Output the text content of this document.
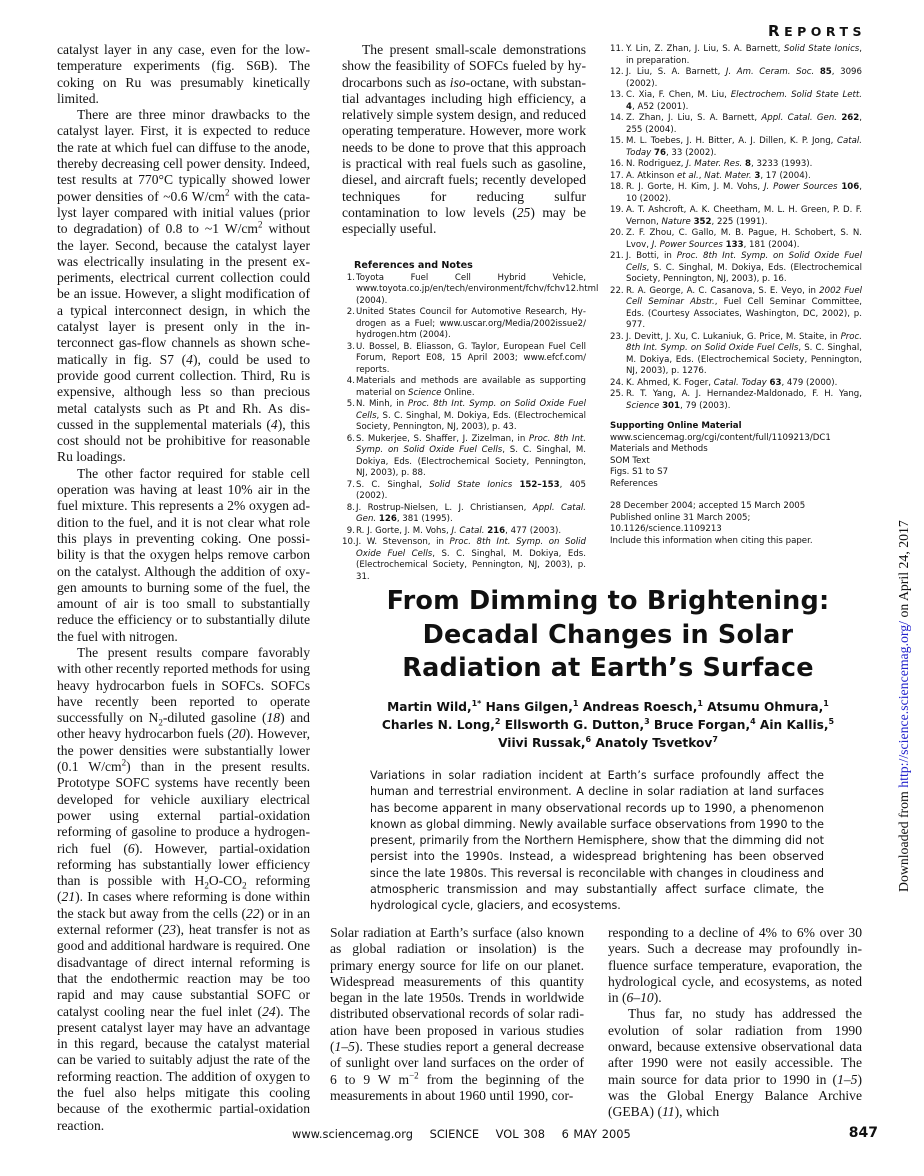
REPORTS

catalyst layer in any case, even for the low-temperature experiments (fig. S6B). The coking on Ru was presumably kinetically limited.

There are three minor drawbacks to the catalyst layer. First, it is expected to reduce the rate at which fuel can diffuse to the anode, thereby decreasing cell power density. Indeed, test results at 770°C typically showed lower power densities of ~0.6 $W/cm^2$ with the catalyst layer compared with initial values (prior to degradation) of 0.8 to ~1 $W/cm^2$ without the layer. Second, because the catalyst layer was electrically insulating in the present experiments, electrical current collection could be an issue. However, a slight modification of a typical interconnect design, in which the catalyst layer is present only in the interconnect gas-flow channels as shown schematically in fig. S7 (4), could be used to provide good current collection. Third, Ru is expensive, although less so than precious metal catalysts such as Pt and Rh. As discussed in the supplemental materials (4), this cost should not be prohibitive for reasonable Ru loadings.

The other factor required for stable cell operation was having at least 10% air in the fuel mixture. This represents a 2% oxygen addition to the fuel, and it is not clear what role this plays in preventing coking. One possibility is that the oxygen helps remove carbon on the catalyst. Although the addition of oxygen amounts to burning some of the fuel, the amount of air is too small to substantially reduce the efficiency or to substantially dilute the fuel with nitrogen.

The present results compare favorably with other recently reported methods for using heavy hydrocarbon fuels in SOFCs. SOFCs have recently been reported to operate successfully on $N_2$-diluted gasoline (18) and other heavy hydrocarbon fuels (20). However, the power densities were substantially lower (0.1 $W/cm^2$) than in the present results. Prototype SOFC systems have recently been developed for vehicle auxiliary electrical power using external partial-oxidation reforming of gasoline to produce a hydrogen-rich fuel (6). However, partial-oxidation reforming has substantially lower efficiency than is possible with $H_2O-CO_2$ reforming (21). In cases where reforming is done within the stack but away from the cells (22) or in an external reformer (23), heat transfer is not as good and additional hardware is required. One disadvantage of direct internal reforming is that the endothermic reaction may be too rapid and may cause substantial SOFC or catalyst cooling near the fuel inlet (24). The present catalyst layer may have an advantage in this regard, because the catalyst material can be varied to suitably adjust the rate of the reforming reaction. The addition of oxygen to the fuel also helps mitigate this cooling because of the exothermic partial-oxidation reaction.

The present small-scale demonstrations show the feasibility of SOFCs fueled by hydrocarbons such as iso-octane, with substantial advantages including high efficiency, a relatively simple system design, and reduced operating temperature. However, more work needs to be done to prove that this approach is practical with real fuels such as gasoline, diesel, and aircraft fuels; recently developed techniques for reducing sulfur contamination to low levels (25) may be especially useful.

References and Notes
1. Toyota Fuel Cell Hybrid Vehicle, www.toyota.co.jp/en/tech/environment/fchv/fchv12.html (2004).
2. United States Council for Automotive Research, Hydrogen as a Fuel; www.uscar.org/Media/2002issue2/ hydrogen.htm (2004).
3. U. Bossel, B. Eliasson, G. Taylor, European Fuel Cell Forum, Report E08, 15 April 2003; www.efcf.com/ reports.
4. Materials and methods are available as supporting material on Science Online.
5. N. Minh, in Proc. 8th Int. Symp. on Solid Oxide Fuel Cells, S. C. Singhal, M. Dokiya, Eds. (Electrochemical Society, Pennington, NJ, 2003), p. 43.
6. S. Mukerjee, S. Shaffer, J. Zizelman, in Proc. 8th Int. Symp. on Solid Oxide Fuel Cells, S. C. Singhal, M. Dokiya, Eds. (Electrochemical Society, Pennington, NJ, 2003), p. 88.
7. S. C. Singhal, Solid State Ionics 152–153, 405 (2002).
8. J. Rostrup-Nielsen, L. J. Christiansen, Appl. Catal. Gen. 126, 381 (1995).
9. R. J. Gorte, J. M. Vohs, J. Catal. 216, 477 (2003).
10. J. W. Stevenson, in Proc. 8th Int. Symp. on Solid Oxide Fuel Cells, S. C. Singhal, M. Dokiya, Eds. (Electrochemical Society, Pennington, NJ, 2003), p. 31.
11. Y. Lin, Z. Zhan, J. Liu, S. A. Barnett, Solid State Ionics, in preparation.
12. J. Liu, S. A. Barnett, J. Am. Ceram. Soc. 85, 3096 (2002).
13. C. Xia, F. Chen, M. Liu, Electrochem. Solid State Lett. 4, A52 (2001).
14. Z. Zhan, J. Liu, S. A. Barnett, Appl. Catal. Gen. 262, 255 (2004).
15. M. L. Toebes, J. H. Bitter, A. J. Dillen, K. P. Jong, Catal. Today 76, 33 (2002).
16. N. Rodriguez, J. Mater. Res. 8, 3233 (1993).
17. A. Atkinson et al., Nat. Mater. 3, 17 (2004).
18. R. J. Gorte, H. Kim, J. M. Vohs, J. Power Sources 106, 10 (2002).
19. A. T. Ashcroft, A. K. Cheetham, M. L. H. Green, P. D. F. Vernon, Nature 352, 225 (1991).
20. Z. F. Zhou, C. Gallo, M. B. Pague, H. Schobert, S. N. Lvov, J. Power Sources 133, 181 (2004).
21. J. Botti, in Proc. 8th Int. Symp. on Solid Oxide Fuel Cells, S. C. Singhal, M. Dokiya, Eds. (Electrochemical Society, Pennington, NJ, 2003), p. 16.
22. R. A. George, A. C. Casanova, S. E. Veyo, in 2002 Fuel Cell Seminar Abstr., Fuel Cell Seminar Committee, Eds. (Courtesy Associates, Washington, DC, 2002), p. 977.
23. J. Devitt, J. Xu, C. Lukaniuk, G. Price, M. Staite, in Proc. 8th Int. Symp. on Solid Oxide Fuel Cells, S. C. Singhal, M. Dokiya, Eds. (Electrochemical Society, Pennington, NJ, 2003), p. 1276.
24. K. Ahmed, K. Foger, Catal. Today 63, 479 (2000).
25. R. T. Yang, A. J. Hernandez-Maldonado, F. H. Yang, Science 301, 79 (2003).
Supporting Online Material
www.sciencemag.org/cgi/content/full/1109213/DC1
Materials and Methods
SOM Text
Figs. S1 to S7
References
28 December 2004; accepted 15 March 2005
Published online 31 March 2005;
10.1126/science.1109213
Include this information when citing this paper.
From Dimming to Brightening:
Decadal Changes in Solar
Radiation at Earth’s Surface
Martin Wild,$^{1*}$ Hans Gilgen,$^1$ Andreas Roesch,$^1$ Atsumu Ohmura,$^1$
Charles N. Long,$^2$ Ellsworth G. Dutton,$^3$ Bruce Forgan,$^4$ Ain Kallis,$^5$
Viivi Russak,$^6$ Anatoly Tsvetkov$^7$
Variations in solar radiation incident at Earth’s surface profoundly affect the human and terrestrial environment. A decline in solar radiation at land surfaces has become apparent in many observational records up to 1990, a phenomenon known as global dimming. Newly available surface observations from 1990 to the present, primarily from the Northern Hemisphere, show that the dimming did not persist into the 1990s. Instead, a widespread brightening has been observed since the late 1980s. This reversal is reconcilable with changes in cloudiness and atmospheric transmission and may substantially affect surface climate, the hydrological cycle, glaciers, and ecosystems.

Solar radiation at Earth’s surface (also known as global radiation or insolation) is the primary energy source for life on our planet. Widespread measurements of this quantity began in the late 1950s. Trends in worldwide distributed observational records of solar radiation have been proposed in various studies (1–5). These studies report a general decrease of sunlight over land surfaces on the order of 6 to 9 W $m^{-2}$ from the beginning of the measurements in about 1960 until 1990, cor-

responding to a decline of 4% to 6% over 30 years. Such a decrease may profoundly influence surface temperature, evaporation, the hydrological cycle, and ecosystems, as noted in (6–10).

Thus far, no study has addressed the evolution of solar radiation from 1990 onward, because extensive observational data after 1990 were not easily accessible. The main source for data prior to 1990 in (1–5) was the Global Energy Balance Archive (GEBA) (11), which

www.sciencemag.org SCIENCE VOL 308 6 MAY 2005	847
Downloaded from http://science.sciencemag.org/ on April 24, 2017
